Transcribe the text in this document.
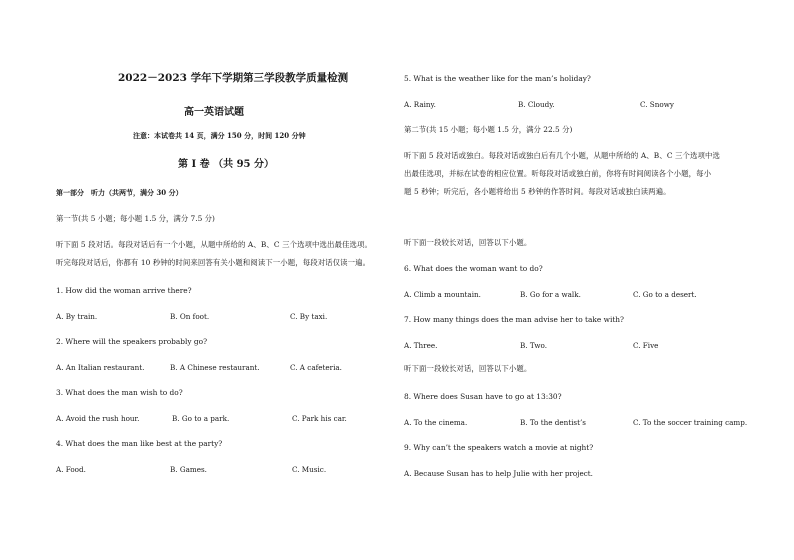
2022－2023 学年下学期第三学段教学质量检测
高一英语试题
注意：本试卷共 14 页，满分 150 分，时间 120 分钟
第 I 卷 （共 95 分）
第一部分　听力（共两节，满分 30 分）
第一节(共 5 小题；每小题 1.5 分，满分 7.5 分)
听下面 5 段对话。每段对话后有一个小题，从题中所给的 A、B、C 三个选项中选出最佳选项。
听完每段对话后，你都有 10 秒钟的时间来回答有关小题和阅读下一小题，每段对话仅读一遍。
1. How did the woman arrive there?
A. By train.	B. On foot.	C. By taxi.
2. Where will the speakers probably go?
A. An Italian restaurant.	B. A Chinese restaurant.	C. A cafeteria.
3. What does the man wish to do?
A. Avoid the rush hour.	B. Go to a park.	C. Park his car.
4. What does the man like best at the party?
A. Food.	B. Games.	C. Music.
5. What is the weather like for the man’s holiday?
A. Rainy.	B. Cloudy.	C. Snowy
第二节(共 15 小题；每小题 1.5 分，满分 22.5 分)
听下面 5 段对话或独白。每段对话或独白后有几个小题，从题中所给的 A、B、C 三个选项中选
出最佳选项，并标在试卷的相应位置。听每段对话或独白前，你将有时间阅读各个小题，每小
题 5 秒钟；听完后，各小题将给出 5 秒钟的作答时间。每段对话或独白读两遍。
听下面一段较长对话，回答以下小题。
6. What does the woman want to do?
A. Climb a mountain.	B. Go for a walk.	C. Go to a desert.
7. How many things does the man advise her to take with?
A. Three.	B. Two.	C. Five
听下面一段较长对话，回答以下小题。
8. Where does Susan have to go at 13:30?
A. To the cinema.	B. To the dentist’s	C. To the soccer training camp.
9. Why can’t the speakers watch a movie at night?
A. Because Susan has to help Julie with her project.
